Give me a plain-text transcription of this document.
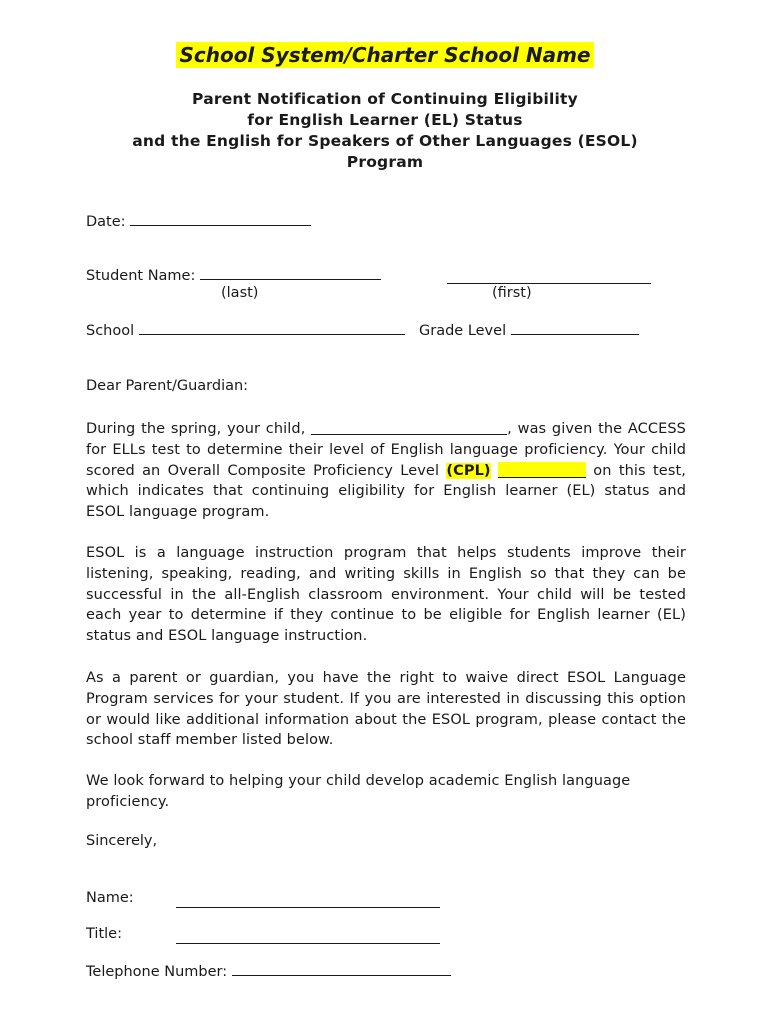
School System/Charter School Name
Parent Notification of Continuing Eligibility
for English Learner (EL) Status
and the English for Speakers of Other Languages (ESOL)
Program
Date:
Student Name:
(last)	(first)
School	Grade Level
Dear Parent/Guardian:
During the spring, your child,	, was given the ACCESS for ELLs test to determine their level of English language proficiency. Your child scored an Overall Composite Proficiency Level (CPL)	on this test, which indicates that continuing eligibility for English learner (EL) status and ESOL language program.
ESOL is a language instruction program that helps students improve their listening, speaking, reading, and writing skills in English so that they can be successful in the all-English classroom environment. Your child will be tested each year to determine if they continue to be eligible for English learner (EL) status and ESOL language instruction.
As a parent or guardian, you have the right to waive direct ESOL Language Program services for your student. If you are interested in discussing this option or would like additional information about the ESOL program, please contact the school staff member listed below.
We look forward to helping your child develop academic English language proficiency.
Sincerely,
Name:
Title:
Telephone Number:
